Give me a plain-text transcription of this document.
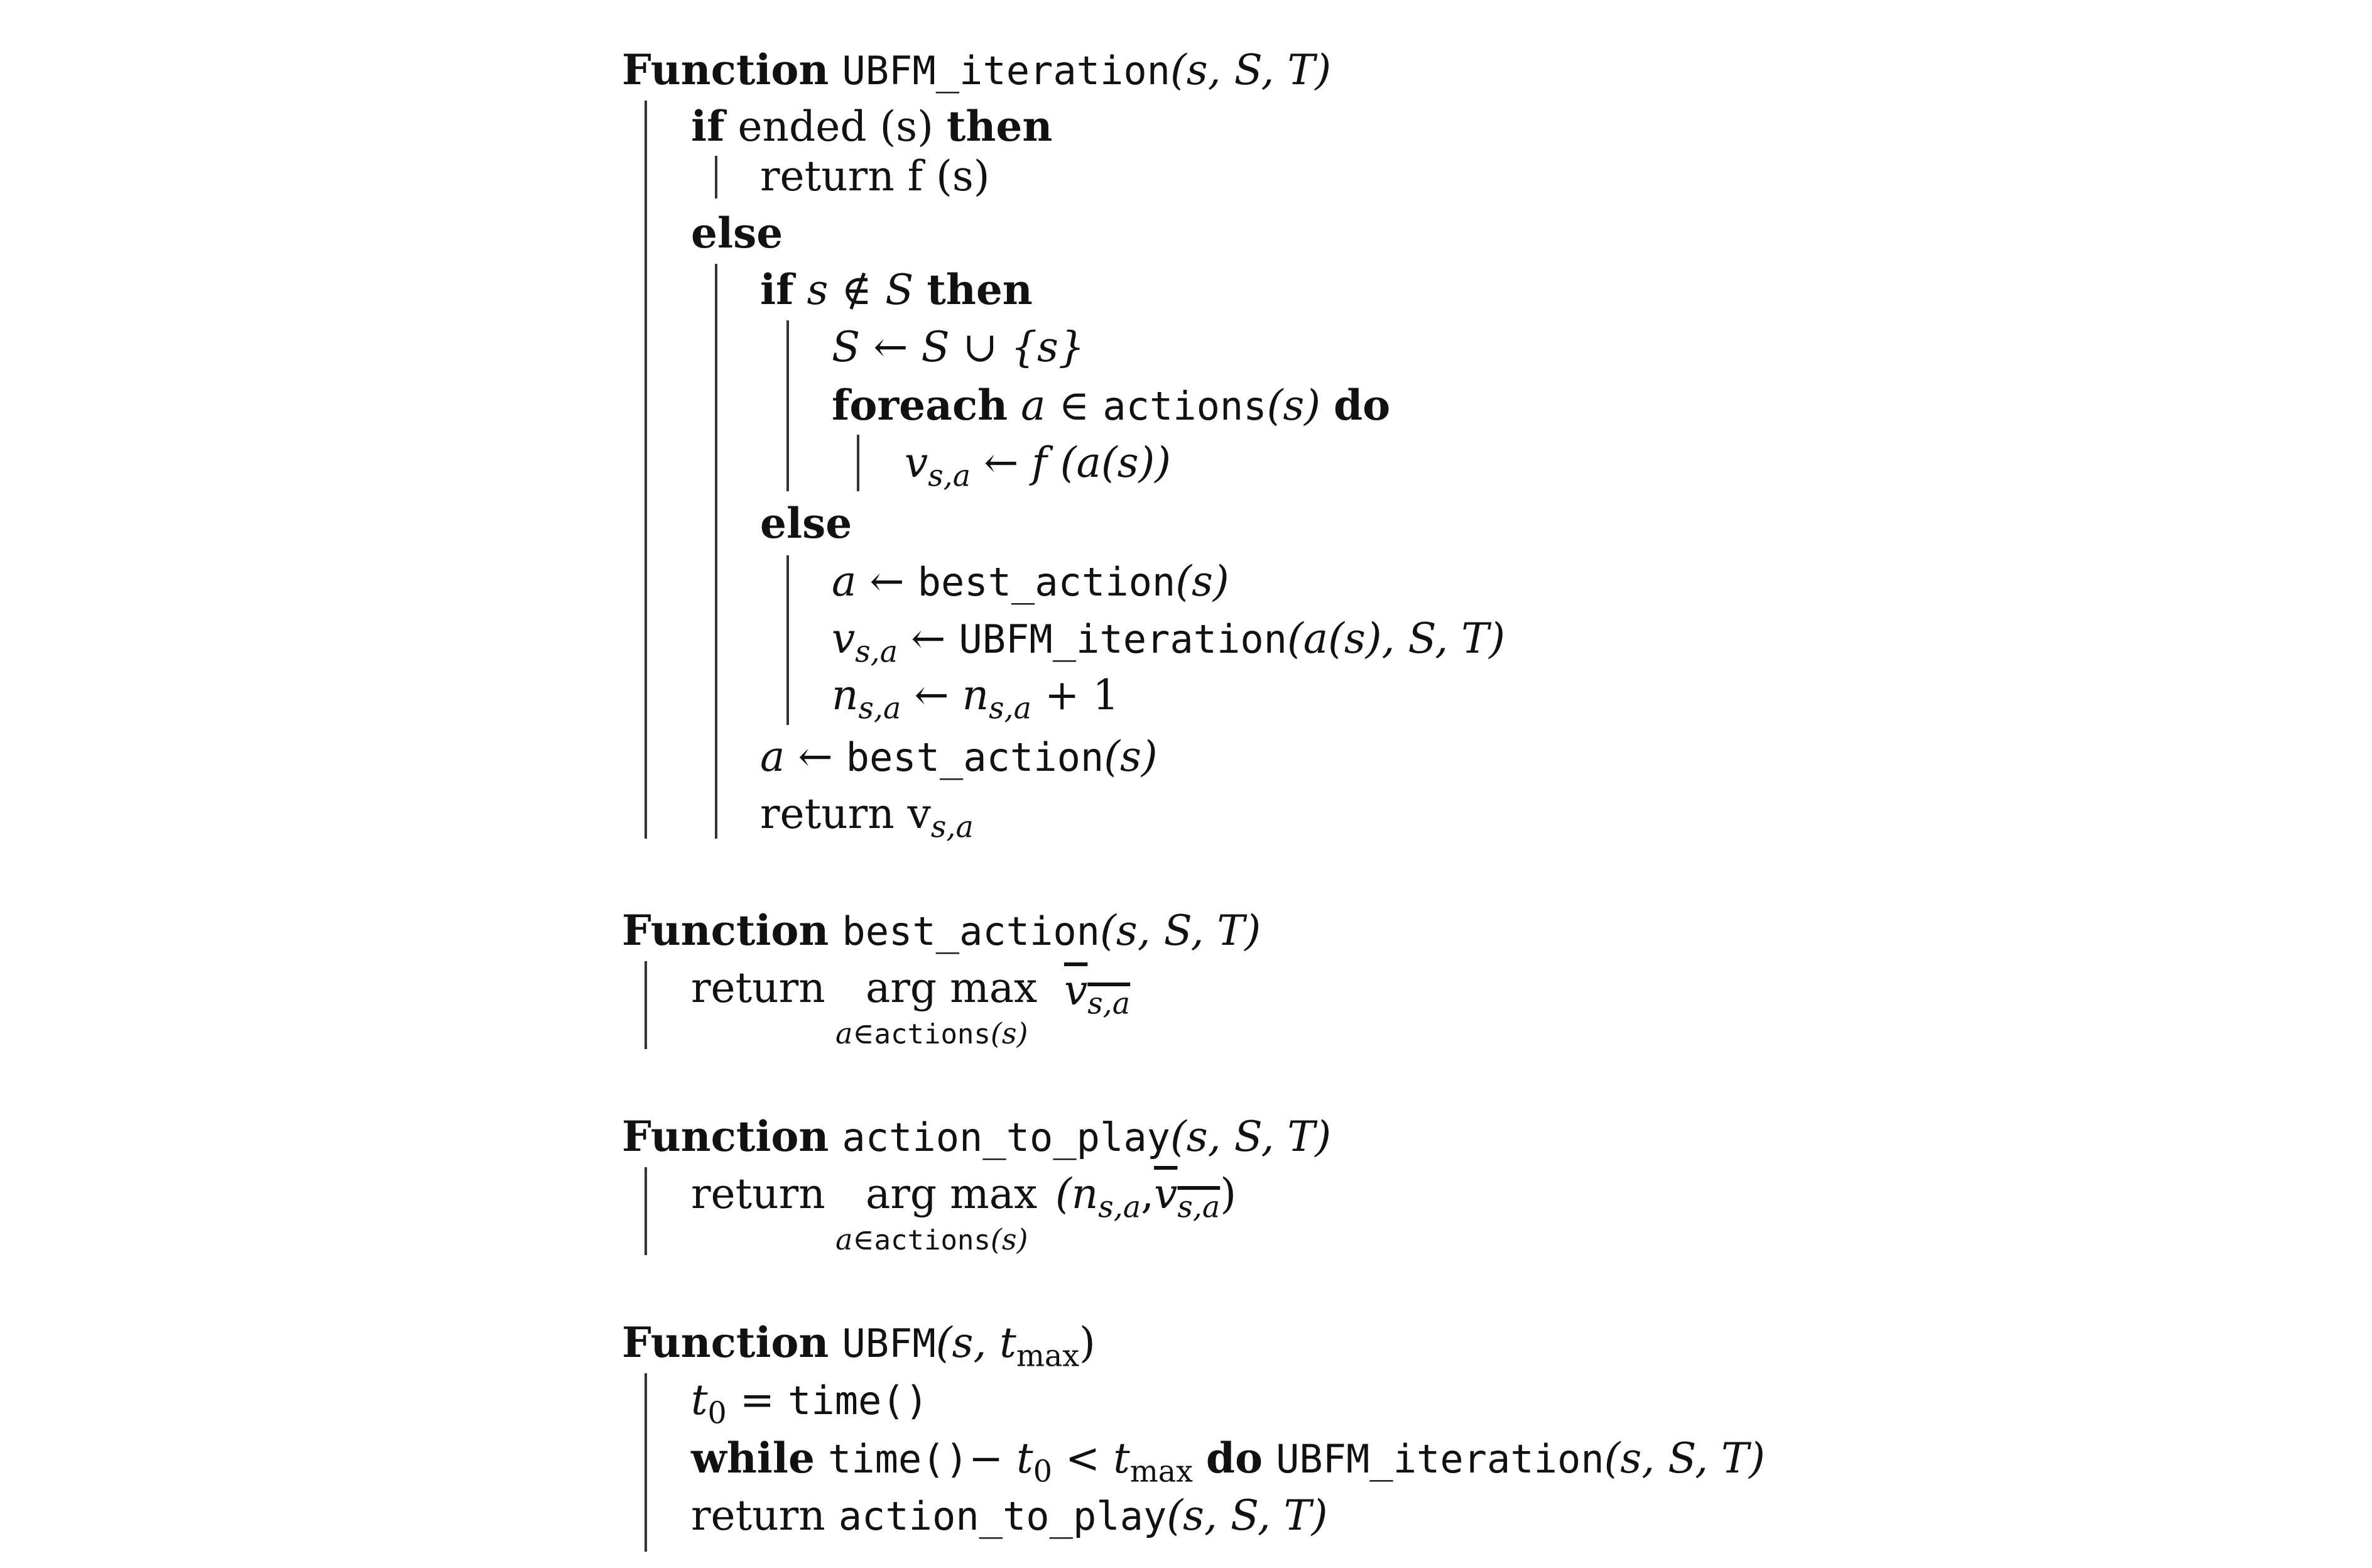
Function UBFM_iteration(s, S, T)
if ended (s) then
return f (s)
else
if s ∉ S then
S ← S ∪ {s}
foreach a ∈ actions(s) do
$v_{s,a}$ ← f (a(s))
else
a ← best_action(s)
$v_{s,a}$ ← UBFM_iteration(a(s), S, T)
$n_{s,a}$ ← $n_{s,a} + 1$
a ← best_action(s)
return $v_{s,a}$
Function best_action(s, S, T)
return arg max
a∈actions(s)
$v_{s,a}$
Function action_to_play(s, S, T)
return arg max
a∈actions(s)
$(n_{s,a},v_{s,a})$
Function UBFM(s, $t_{max}$)
$t_0$ = time()
while time()− $t_0 < t_{max}$ do UBFM_iteration(s, S, T)
return action_to_play(s, S, T)
